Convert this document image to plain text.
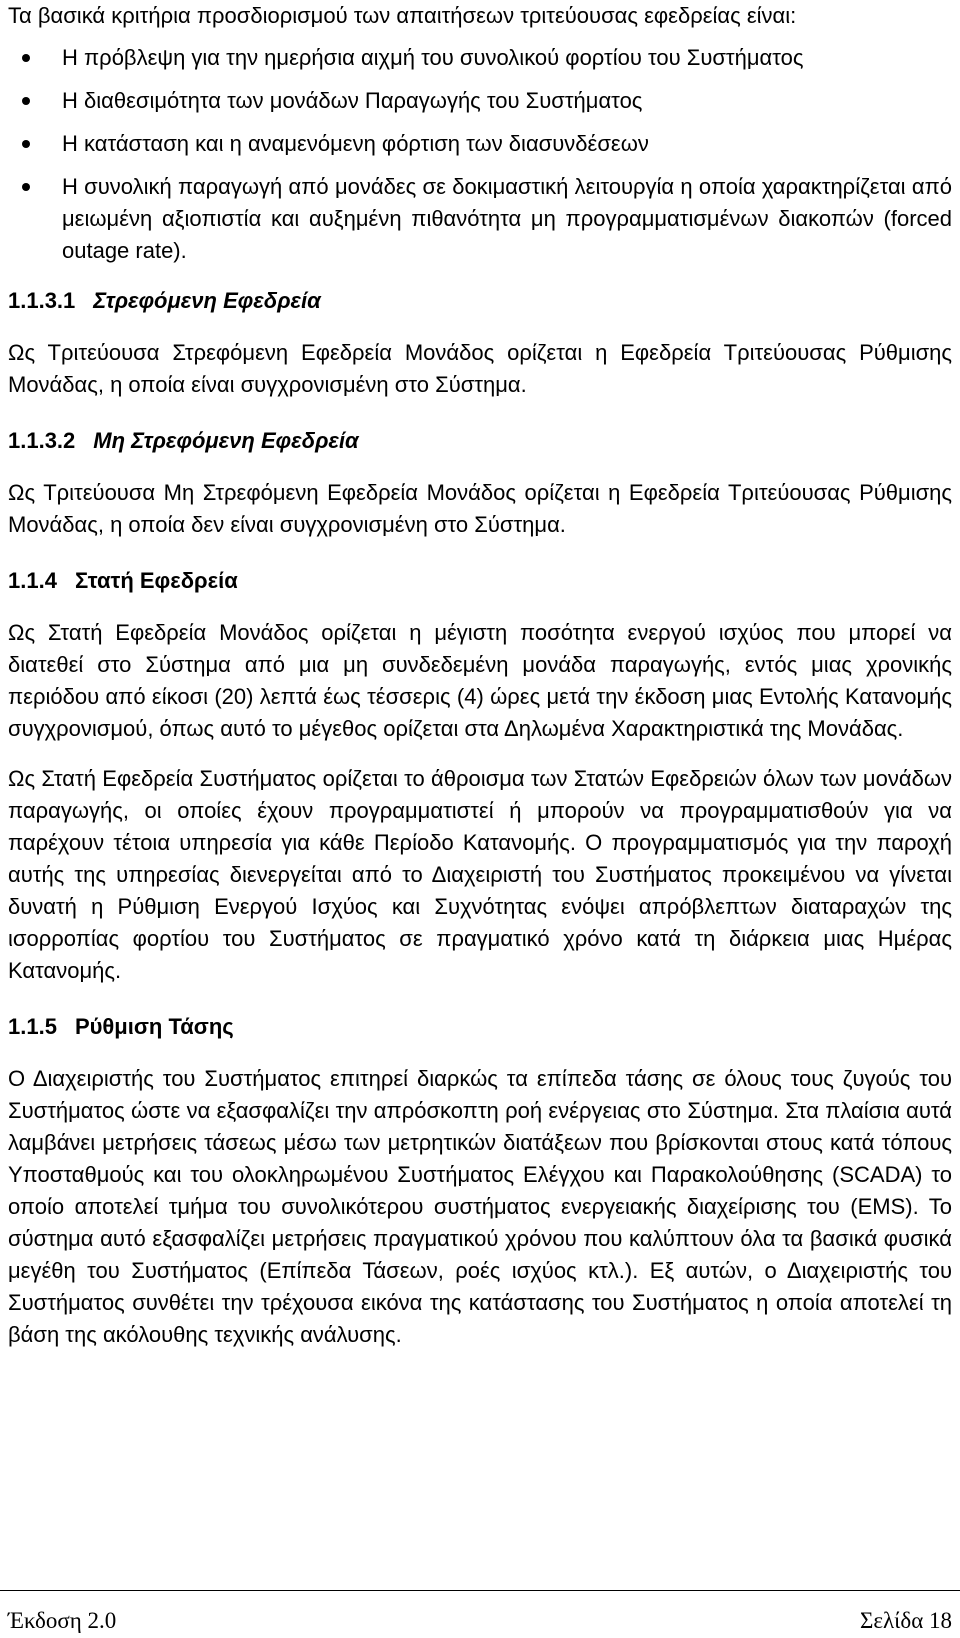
Τα βασικά κριτήρια προσδιορισμού των απαιτήσεων τριτεύουσας εφεδρείας είναι:

Η πρόβλεψη για την ημερήσια αιχμή του συνολικού φορτίου του Συστήματος
Η διαθεσιμότητα των μονάδων Παραγωγής του Συστήματος
Η κατάσταση και η αναμενόμενη φόρτιση των διασυνδέσεων
Η συνολική παραγωγή από μονάδες σε δοκιμαστική λειτουργία η οποία χαρακτηρίζεται από μειωμένη αξιοπιστία και αυξημένη πιθανότητα μη προγραμματισμένων διακοπών (forced outage rate).
1.1.3.1 Στρεφόμενη Εφεδρεία

Ως Τριτεύουσα Στρεφόμενη Εφεδρεία Μονάδος ορίζεται η Εφεδρεία Τριτεύουσας Ρύθμισης Μονάδας, η οποία είναι συγχρονισμένη στο Σύστημα.

1.1.3.2 Μη Στρεφόμενη Εφεδρεία

Ως Τριτεύουσα Μη Στρεφόμενη Εφεδρεία Μονάδος ορίζεται η Εφεδρεία Τριτεύουσας Ρύθμισης Μονάδας, η οποία δεν είναι συγχρονισμένη στο Σύστημα.

1.1.4 Στατή Εφεδρεία

Ως Στατή Εφεδρεία Μονάδος ορίζεται η μέγιστη ποσότητα ενεργού ισχύος που μπορεί να διατεθεί στο Σύστημα από μια μη συνδεδεμένη μονάδα παραγωγής, εντός μιας χρονικής περιόδου από είκοσι (20) λεπτά έως τέσσερις (4) ώρες μετά την έκδοση μιας Εντολής Κατανομής συγχρονισμού, όπως αυτό το μέγεθος ορίζεται στα Δηλωμένα Χαρακτηριστικά της Μονάδας.

Ως Στατή Εφεδρεία Συστήματος ορίζεται το άθροισμα των Στατών Εφεδρειών όλων των μονάδων παραγωγής, οι οποίες έχουν προγραμματιστεί ή μπορούν να προγραμματισθούν για να παρέχουν τέτοια υπηρεσία για κάθε Περίοδο Κατανομής. Ο προγραμματισμός για την παροχή αυτής της υπηρεσίας διενεργείται από το Διαχειριστή του Συστήματος προκειμένου να γίνεται δυνατή η Ρύθμιση Ενεργού Ισχύος και Συχνότητας ενόψει απρόβλεπτων διαταραχών της ισορροπίας φορτίου του Συστήματος σε πραγματικό χρόνο κατά τη διάρκεια μιας Ημέρας Κατανομής.

1.1.5 Ρύθμιση Τάσης

Ο Διαχειριστής του Συστήματος επιτηρεί διαρκώς τα επίπεδα τάσης σε όλους τους ζυγούς του Συστήματος ώστε να εξασφαλίζει την απρόσκοπτη ροή ενέργειας στο Σύστημα. Στα πλαίσια αυτά λαμβάνει μετρήσεις τάσεως μέσω των μετρητικών διατάξεων που βρίσκονται στους κατά τόπους Υποσταθμούς και του ολοκληρωμένου Συστήματος Ελέγχου και Παρακολούθησης (SCADA) το οποίο αποτελεί τμήμα του συνολικότερου συστήματος ενεργειακής διαχείρισης του (EMS). Το σύστημα αυτό εξασφαλίζει μετρήσεις πραγματικού χρόνου που καλύπτουν όλα τα βασικά φυσικά μεγέθη του Συστήματος (Επίπεδα Τάσεων, ροές ισχύος κτλ.). Εξ αυτών, ο Διαχειριστής του Συστήματος συνθέτει την τρέχουσα εικόνα της κατάστασης του Συστήματος η οποία αποτελεί τη βάση της ακόλουθης τεχνικής ανάλυσης.

Έκδοση 2.0	Σελίδα 18
